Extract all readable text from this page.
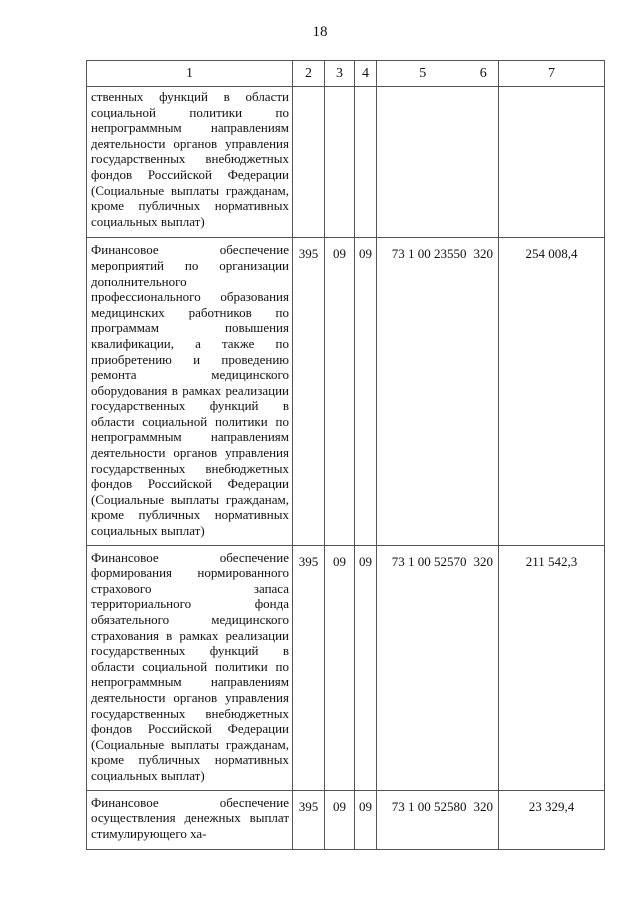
18
1	2	3	4	5	6	7
ственных функций в области социальной политики по непрограммным направлениям деятельности органов управления государственных внебюджетных фондов Российской Федерации (Социальные выплаты гражданам, кроме публичных нормативных социальных выплат)						
Финансовое обеспечение мероприятий по организации дополнительного профессионального образования медицинских работников по программам повышения квалификации, а также по приобретению и проведению ремонта медицинского оборудования в рамках реализации государственных функций в области социальной политики по непрограммным направлениям деятельности органов управления государственных внебюджетных фондов Российской Федерации (Социальные выплаты гражданам, кроме публичных нормативных социальных выплат)	395	09	09	73 1 00 23550	320	254 008,4
Финансовое обеспечение формирования нормированного страхового запаса территориального фонда обязательного медицинского страхования в рамках реализации государственных функций в области социальной политики по непрограммным направлениям деятельности органов управления государственных внебюджетных фондов Российской Федерации (Социальные выплаты гражданам, кроме публичных нормативных социальных выплат)	395	09	09	73 1 00 52570	320	211 542,3
Финансовое обеспечение осуществления денежных выплат стимулирующего ха-	395	09	09	73 1 00 52580	320	23 329,4
